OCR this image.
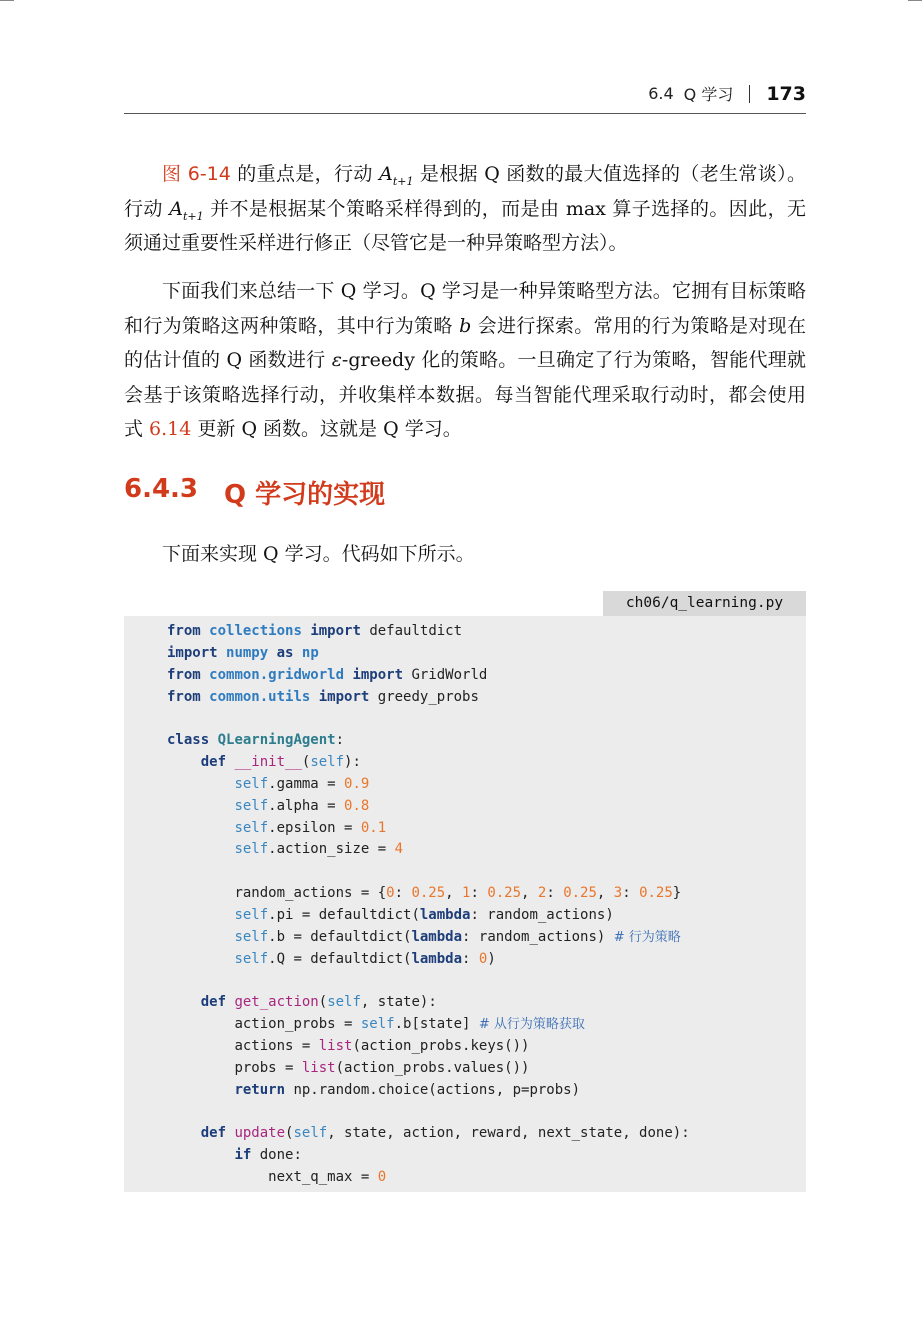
6.4 Q 学习 173

图 6-14 的重点是，行动 $A_{t+1}$ 是根据 Q 函数的最大值选择的（老生常谈）。行动 $A_{t+1}$ 并不是根据某个策略采样得到的，而是由 max 算子选择的。因此，无须通过重要性采样进行修正（尽管它是一种异策略型方法）。

下面我们来总结一下 Q 学习。Q 学习是一种异策略型方法。它拥有目标策略和行为策略这两种策略，其中行为策略 b 会进行探索。常用的行为策略是对现在的估计值的 Q 函数进行 ε-greedy 化的策略。一旦确定了行为策略，智能代理就会基于该策略选择行动，并收集样本数据。每当智能代理采取行动时，都会使用式 6.14 更新 Q 函数。这就是 Q 学习。

6.4.3 Q 学习的实现

下面来实现 Q 学习。代码如下所示。

ch06/q_learning.py
from collections import defaultdict
import numpy as np
from common.gridworld import GridWorld
from common.utils import greedy_probs

class QLearningAgent:
def __init__(self):
self.gamma = 0.9
self.alpha = 0.8
self.epsilon = 0.1
self.action_size = 4

random_actions = {0: 0.25, 1: 0.25, 2: 0.25, 3: 0.25}
self.pi = defaultdict(lambda: random_actions)
self.b = defaultdict(lambda: random_actions) # 行为策略
self.Q = defaultdict(lambda: 0)

def get_action(self, state):
action_probs = self.b[state] # 从行为策略获取
actions = list(action_probs.keys())
probs = list(action_probs.values())
return np.random.choice(actions, p=probs)

def update(self, state, action, reward, next_state, done):
if done:
next_q_max = 0
